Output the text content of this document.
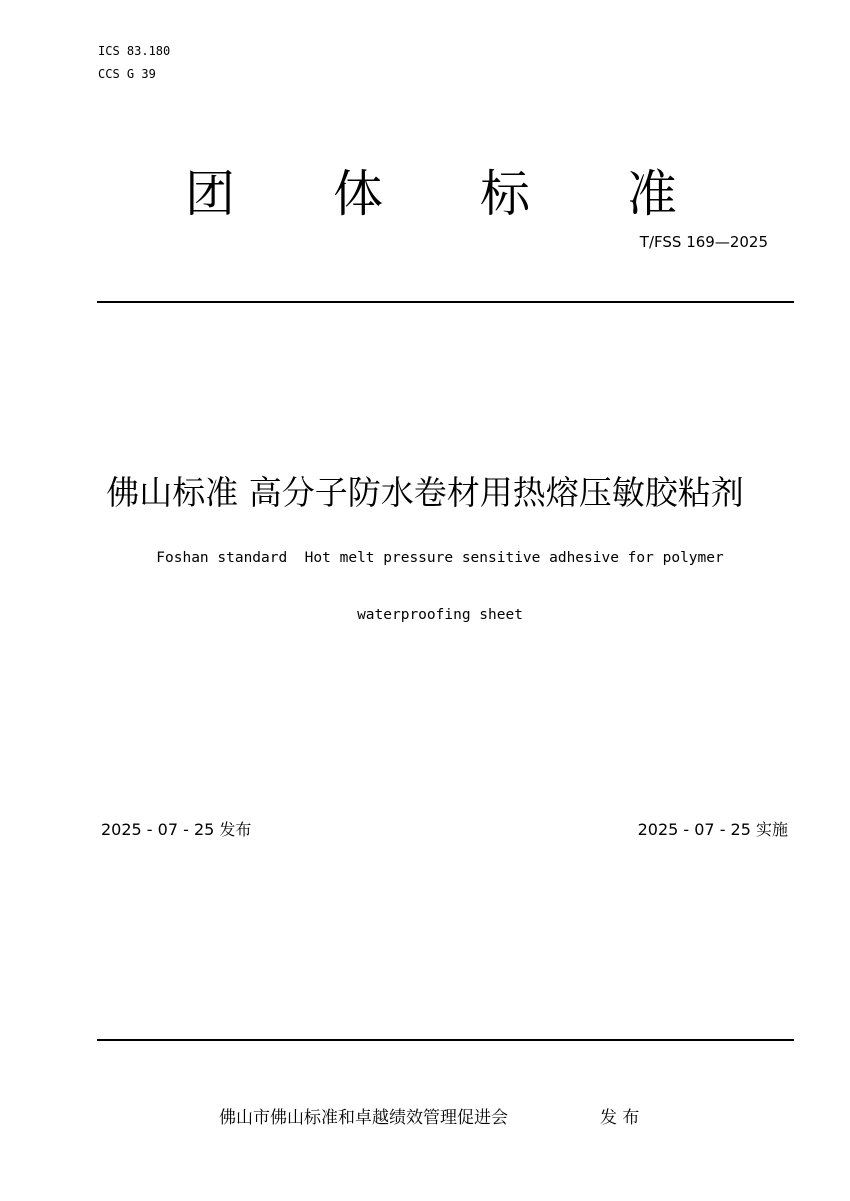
ICS 83.180
CCS G 39
团 体 标 准
T/FSS 169—2025
佛山标准 高分子防水卷材用热熔压敏胶粘剂
Foshan standard  Hot melt pressure sensitive adhesive for polymer
waterproofing sheet
2025 - 07 - 25 发布	2025 - 07 - 25 实施
佛山市佛山标准和卓越绩效管理促进会	发 布
